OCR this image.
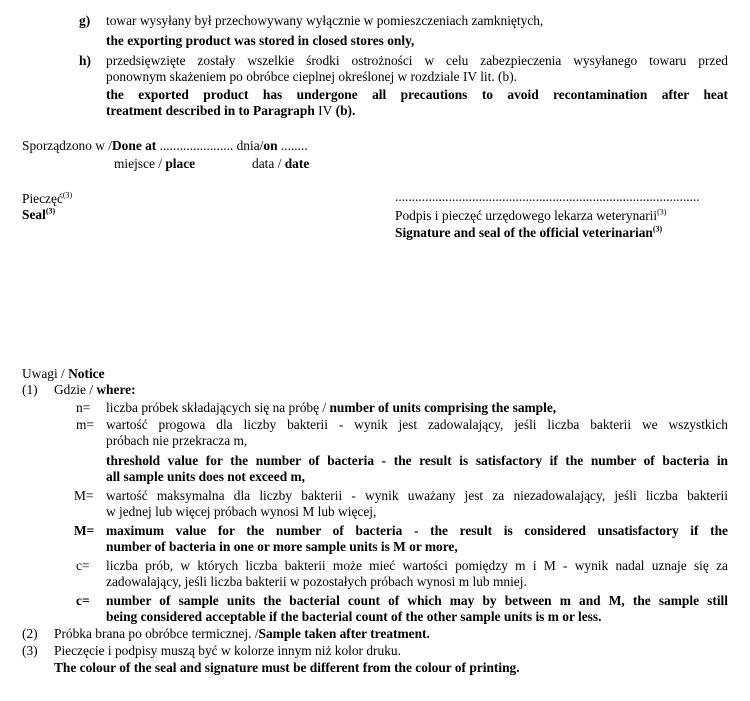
g) towar wysyłany był przechowywany wyłącznie w pomieszczeniach zamkniętych,
the exporting product was stored in closed stores only,
h) przedsięwzięte zostały wszelkie środki ostrożności w celu zabezpieczenia wysyłanego towaru przed
ponownym skażeniem po obróbce cieplnej określonej w rozdziale IV lit. (b).
the exported product has undergone all precautions to avoid recontamination after heat
treatment described in to Paragraph IV (b).
Sporządzono w /Done at ...................... dnia/on ........
miejsce / place	data / date
Pieczęć$^{(3)}$
Seal$^{(3)}$
...........................................................................................
Podpis i pieczęć urzędowego lekarza weterynarii$^{(3)}$
Signature and seal of the official veterinarian$^{(3)}$
Uwagi / Notice
(1) Gdzie / where:
n= liczba próbek składających się na próbę / number of units comprising the sample,
m= wartość progowa dla liczby bakterii - wynik jest zadowalający, jeśli liczba bakterii we wszystkich
próbach nie przekracza m,
threshold value for the number of bacteria - the result is satisfactory if the number of bacteria in
all sample units does not exceed m,
M= wartość maksymalna dla liczby bakterii - wynik uważany jest za niezadowalający, jeśli liczba bakterii
w jednej lub więcej próbach wynosi M lub więcej,
M= maximum value for the number of bacteria - the result is considered unsatisfactory if the
number of bacteria in one or more sample units is M or more,
c= liczba prób, w których liczba bakterii może mieć wartości pomiędzy m i M - wynik nadal uznaje się za
zadowalający, jeśli liczba bakterii w pozostałych próbach wynosi m lub mniej.
c= number of sample units the bacterial count of which may by between m and M, the sample still
being considered acceptable if the bacterial count of the other sample units is m or less.
(2) Próbka brana po obróbce termicznej. /Sample taken after treatment.
(3) Pieczęcie i podpisy muszą być w kolorze innym niż kolor druku.
The colour of the seal and signature must be different from the colour of printing.
